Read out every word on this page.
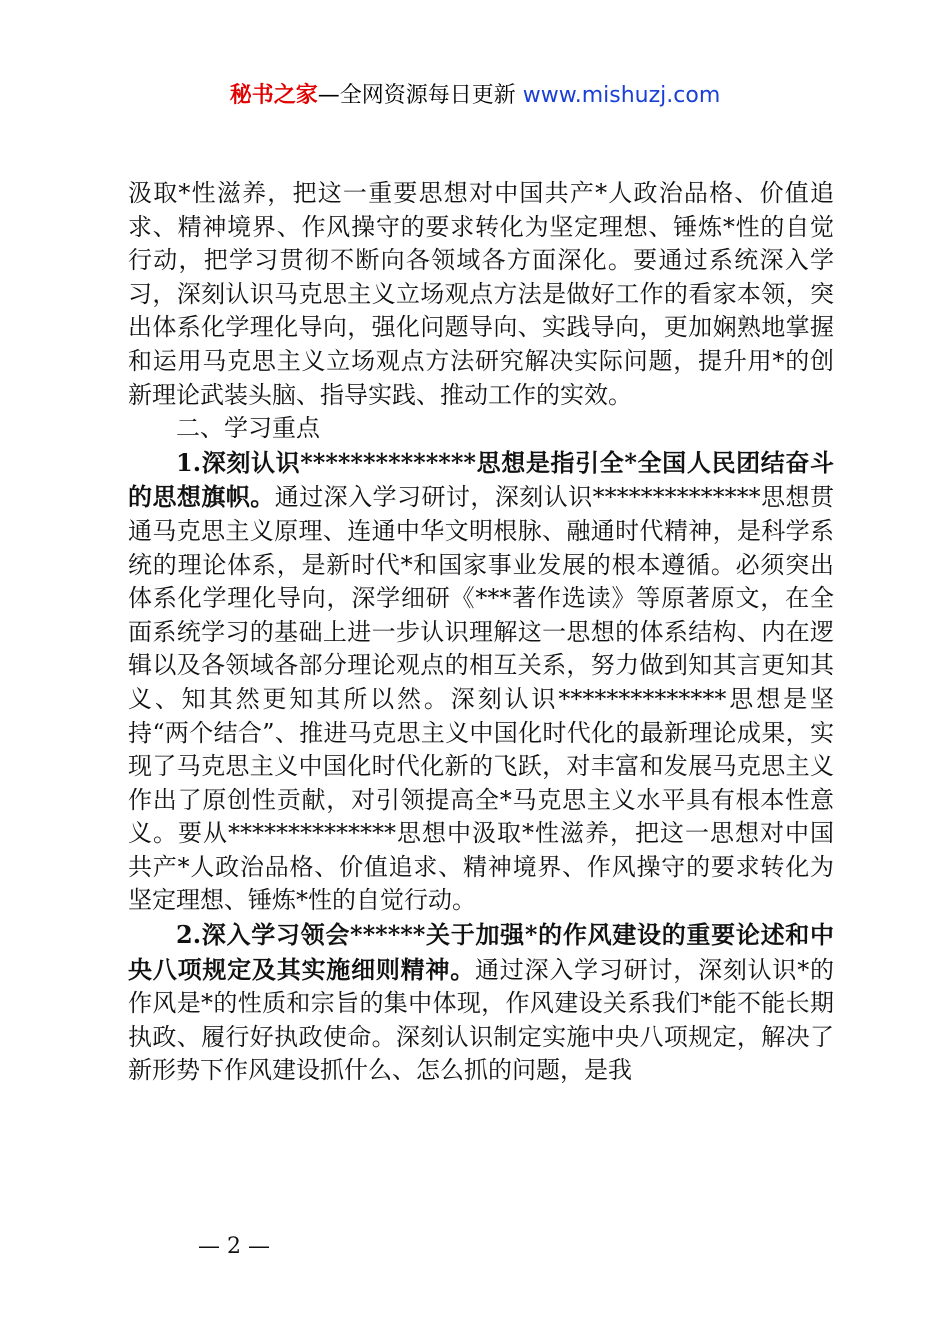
秘书之家—全网资源每日更新 www.mishuzj.com

汲取*性滋养，把这一重要思想对中国共产*人政治品格、价值追求、精神境界、作风操守的要求转化为坚定理想、锤炼*性的自觉行动，把学习贯彻不断向各领域各方面深化。要通过系统深入学习，深刻认识马克思主义立场观点方法是做好工作的看家本领，突出体系化学理化导向，强化问题导向、实践导向，更加娴熟地掌握和运用马克思主义立场观点方法研究解决实际问题，提升用*的创新理论武装头脑、指导实践、推动工作的实效。

二、学习重点

1.深刻认识**************思想是指引全*全国人民团结奋斗的思想旗帜。通过深入学习研讨，深刻认识**************思想贯通马克思主义原理、连通中华文明根脉、融通时代精神，是科学系统的理论体系，是新时代*和国家事业发展的根本遵循。必须突出体系化学理化导向，深学细研《***著作选读》等原著原文，在全面系统学习的基础上进一步认识理解这一思想的体系结构、内在逻辑以及各领域各部分理论观点的相互关系，努力做到知其言更知其义、知其然更知其所以然。深刻认识**************思想是坚持“两个结合”、推进马克思主义中国化时代化的最新理论成果，实现了马克思主义中国化时代化新的飞跃，对丰富和发展马克思主义作出了原创性贡献，对引领提高全*马克思主义水平具有根本性意义。要从**************思想中汲取*性滋养，把这一思想对中国共产*人政治品格、价值追求、精神境界、作风操守的要求转化为坚定理想、锤炼*性的自觉行动。

2.深入学习领会******关于加强*的作风建设的重要论述和中央八项规定及其实施细则精神。通过深入学习研讨，深刻认识*的作风是*的性质和宗旨的集中体现，作风建设关系我们*能不能长期执政、履行好执政使命。深刻认识制定实施中央八项规定，解决了新形势下作风建设抓什么、怎么抓的问题，是我

— 2 —
